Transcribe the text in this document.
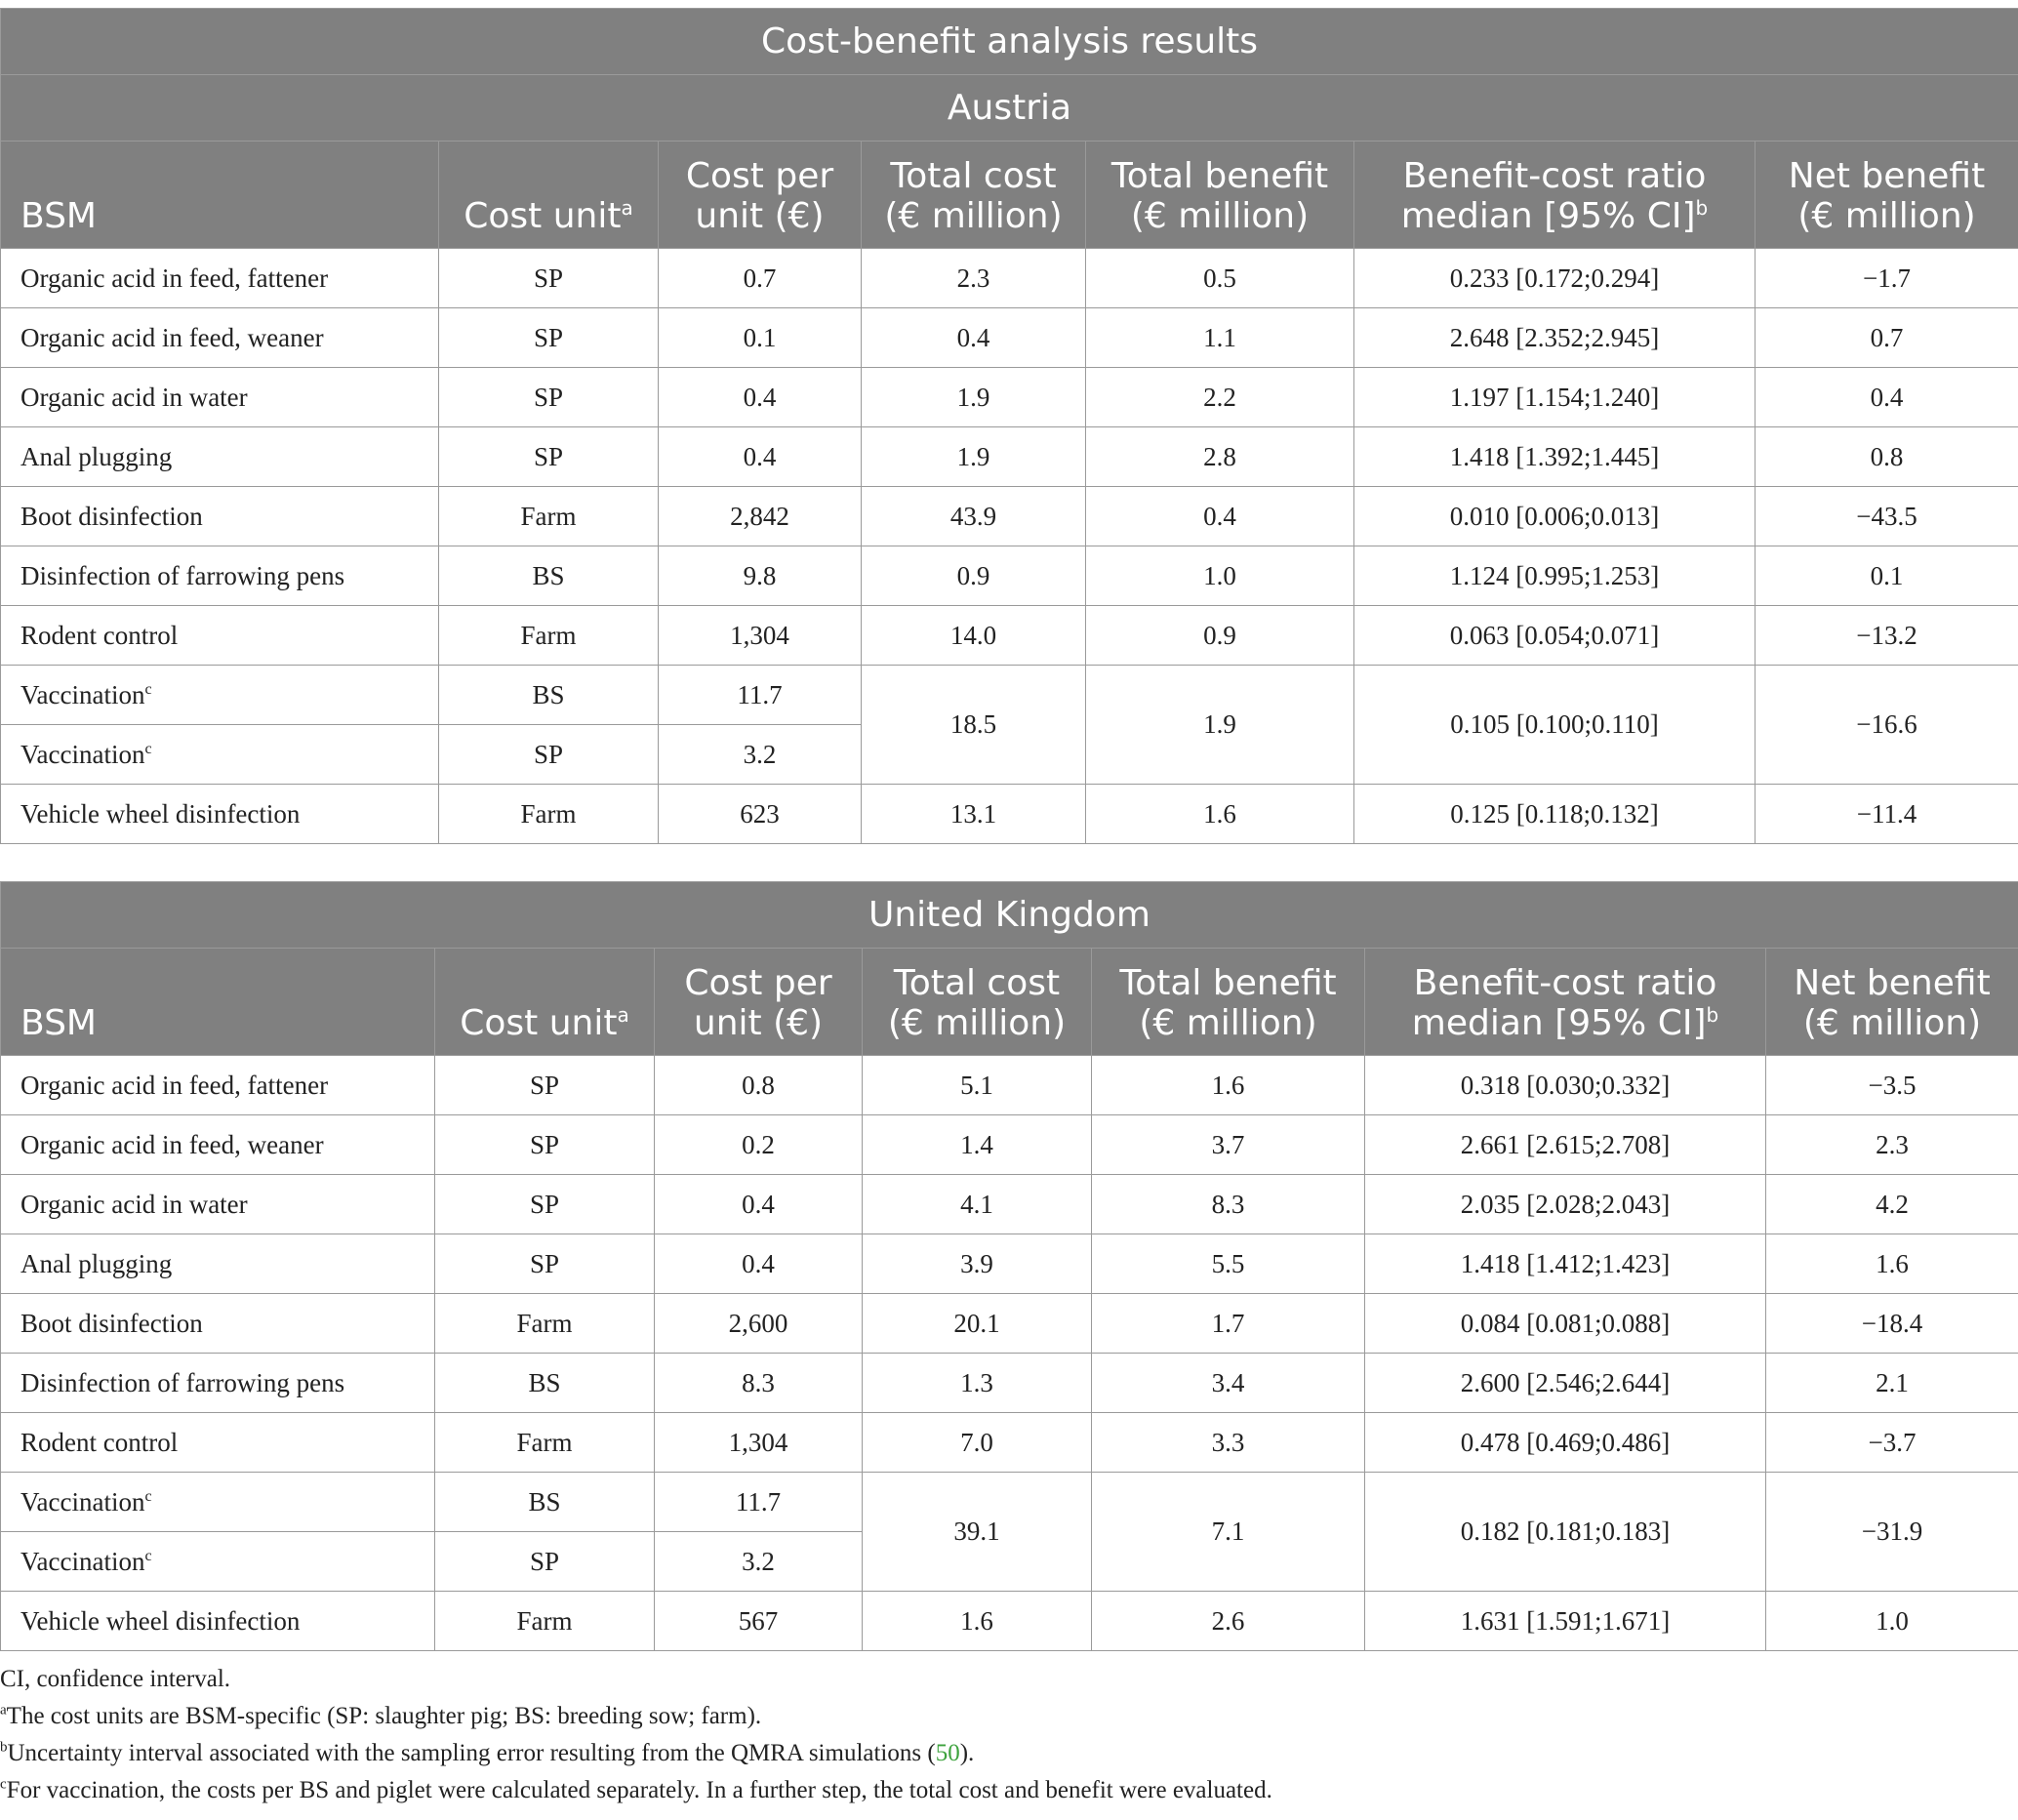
Cost-benefit analysis results						
Austria						
BSM	Cost unit$^a$	Cost per
unit (€)	Total cost
(€ million)	Total benefit
(€ million)	Benefit-cost ratio
median [95% CI]$^b$	Net benefit
(€ million)
Organic acid in feed, fattener	SP	0.7	2.3	0.5	0.233 [0.172;0.294]	−1.7
Organic acid in feed, weaner	SP	0.1	0.4	1.1	2.648 [2.352;2.945]	0.7
Organic acid in water	SP	0.4	1.9	2.2	1.197 [1.154;1.240]	0.4
Anal plugging	SP	0.4	1.9	2.8	1.418 [1.392;1.445]	0.8
Boot disinfection	Farm	2,842	43.9	0.4	0.010 [0.006;0.013]	−43.5
Disinfection of farrowing pens	BS	9.8	0.9	1.0	1.124 [0.995;1.253]	0.1
Rodent control	Farm	1,304	14.0	0.9	0.063 [0.054;0.071]	−13.2
Vaccination$^c$	BS	11.7	18.5	1.9	0.105 [0.100;0.110]	−16.6
Vaccination$^c$	SP	3.2				
Vehicle wheel disinfection	Farm	623	13.1	1.6	0.125 [0.118;0.132]	−11.4
United Kingdom						
BSM	Cost unit$^a$	Cost per
unit (€)	Total cost
(€ million)	Total benefit
(€ million)	Benefit-cost ratio
median [95% CI]$^b$	Net benefit
(€ million)
Organic acid in feed, fattener	SP	0.8	5.1	1.6	0.318 [0.030;0.332]	−3.5
Organic acid in feed, weaner	SP	0.2	1.4	3.7	2.661 [2.615;2.708]	2.3
Organic acid in water	SP	0.4	4.1	8.3	2.035 [2.028;2.043]	4.2
Anal plugging	SP	0.4	3.9	5.5	1.418 [1.412;1.423]	1.6
Boot disinfection	Farm	2,600	20.1	1.7	0.084 [0.081;0.088]	−18.4
Disinfection of farrowing pens	BS	8.3	1.3	3.4	2.600 [2.546;2.644]	2.1
Rodent control	Farm	1,304	7.0	3.3	0.478 [0.469;0.486]	−3.7
Vaccination$^c$	BS	11.7	39.1	7.1	0.182 [0.181;0.183]	−31.9
Vaccination$^c$	SP	3.2				
Vehicle wheel disinfection	Farm	567	1.6	2.6	1.631 [1.591;1.671]	1.0

CI, confidence interval.

$^a$The cost units are BSM-specific (SP: slaughter pig; BS: breeding sow; farm).

$^b$Uncertainty interval associated with the sampling error resulting from the QMRA simulations (50).

$^c$For vaccination, the costs per BS and piglet were calculated separately. In a further step, the total cost and benefit were evaluated.
